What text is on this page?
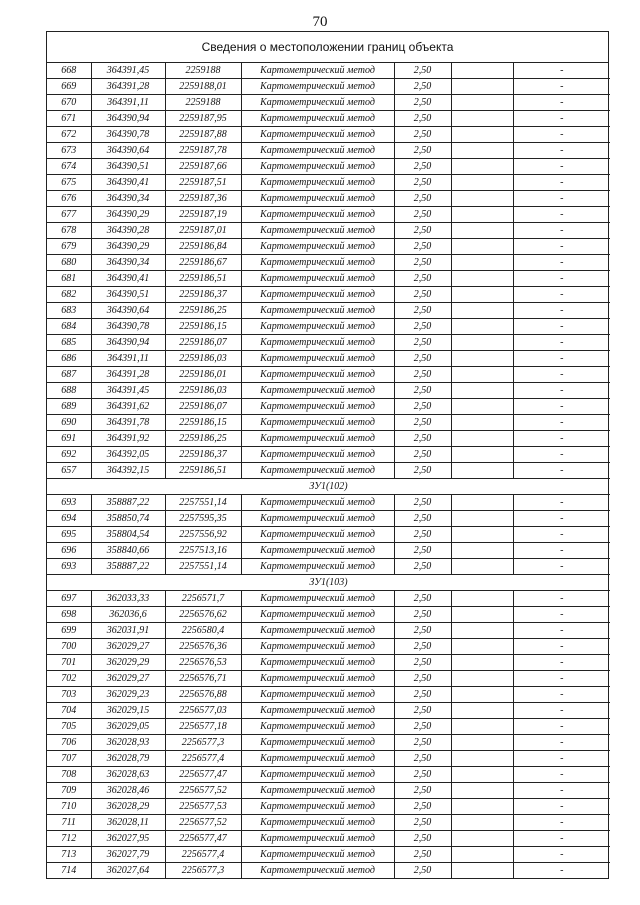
70
Сведения о местоположении границ объекта
668	364391,45	2259188	Картометрический метод	2,50		-
669	364391,28	2259188,01	Картометрический метод	2,50		-
670	364391,11	2259188	Картометрический метод	2,50		-
671	364390,94	2259187,95	Картометрический метод	2,50		-
672	364390,78	2259187,88	Картометрический метод	2,50		-
673	364390,64	2259187,78	Картометрический метод	2,50		-
674	364390,51	2259187,66	Картометрический метод	2,50		-
675	364390,41	2259187,51	Картометрический метод	2,50		-
676	364390,34	2259187,36	Картометрический метод	2,50		-
677	364390,29	2259187,19	Картометрический метод	2,50		-
678	364390,28	2259187,01	Картометрический метод	2,50		-
679	364390,29	2259186,84	Картометрический метод	2,50		-
680	364390,34	2259186,67	Картометрический метод	2,50		-
681	364390,41	2259186,51	Картометрический метод	2,50		-
682	364390,51	2259186,37	Картометрический метод	2,50		-
683	364390,64	2259186,25	Картометрический метод	2,50		-
684	364390,78	2259186,15	Картометрический метод	2,50		-
685	364390,94	2259186,07	Картометрический метод	2,50		-
686	364391,11	2259186,03	Картометрический метод	2,50		-
687	364391,28	2259186,01	Картометрический метод	2,50		-
688	364391,45	2259186,03	Картометрический метод	2,50		-
689	364391,62	2259186,07	Картометрический метод	2,50		-
690	364391,78	2259186,15	Картометрический метод	2,50		-
691	364391,92	2259186,25	Картометрический метод	2,50		-
692	364392,05	2259186,37	Картометрический метод	2,50		-
657	364392,15	2259186,51	Картометрический метод	2,50		-
ЗУ1(102)						
693	358887,22	2257551,14	Картометрический метод	2,50		-
694	358850,74	2257595,35	Картометрический метод	2,50		-
695	358804,54	2257556,92	Картометрический метод	2,50		-
696	358840,66	2257513,16	Картометрический метод	2,50		-
693	358887,22	2257551,14	Картометрический метод	2,50		-
ЗУ1(103)						
697	362033,33	2256571,7	Картометрический метод	2,50		-
698	362036,6	2256576,62	Картометрический метод	2,50		-
699	362031,91	2256580,4	Картометрический метод	2,50		-
700	362029,27	2256576,36	Картометрический метод	2,50		-
701	362029,29	2256576,53	Картометрический метод	2,50		-
702	362029,27	2256576,71	Картометрический метод	2,50		-
703	362029,23	2256576,88	Картометрический метод	2,50		-
704	362029,15	2256577,03	Картометрический метод	2,50		-
705	362029,05	2256577,18	Картометрический метод	2,50		-
706	362028,93	2256577,3	Картометрический метод	2,50		-
707	362028,79	2256577,4	Картометрический метод	2,50		-
708	362028,63	2256577,47	Картометрический метод	2,50		-
709	362028,46	2256577,52	Картометрический метод	2,50		-
710	362028,29	2256577,53	Картометрический метод	2,50		-
711	362028,11	2256577,52	Картометрический метод	2,50		-
712	362027,95	2256577,47	Картометрический метод	2,50		-
713	362027,79	2256577,4	Картометрический метод	2,50		-
714	362027,64	2256577,3	Картометрический метод	2,50		-
